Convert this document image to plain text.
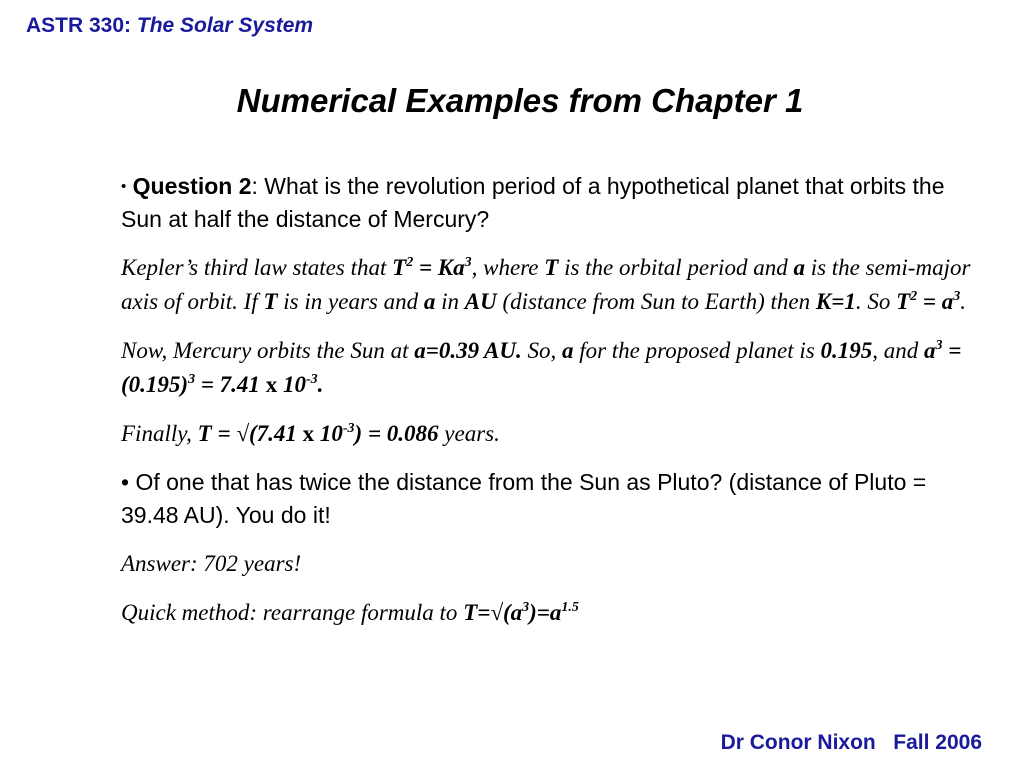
ASTR 330: The Solar System

Numerical Examples from Chapter 1

• Question 2: What is the revolution period of a hypothetical planet that orbits the Sun at half the distance of Mercury?

Kepler’s third law states that $T^2 = Ka^3$, where T is the orbital period and a is the semi-major axis of orbit. If T is in years and a in AU (distance from Sun to Earth) then K=1. So $T^2 = a^3$.

Now, Mercury orbits the Sun at a=0.39 AU. So, a for the proposed planet is 0.195, and $a^3 = (0.195)^3 = 7.41$ x $10^{-3}$.

Finally, T = √(7.41 x $10^{-3}) = 0.086$ years.

• Of one that has twice the distance from the Sun as Pluto? (distance of Pluto = 39.48 AU). You do it!

Answer: 702 years!

Quick method: rearrange formula to $T=√(a^3)=a^{1.5}$

Dr Conor Nixon Fall 2006
